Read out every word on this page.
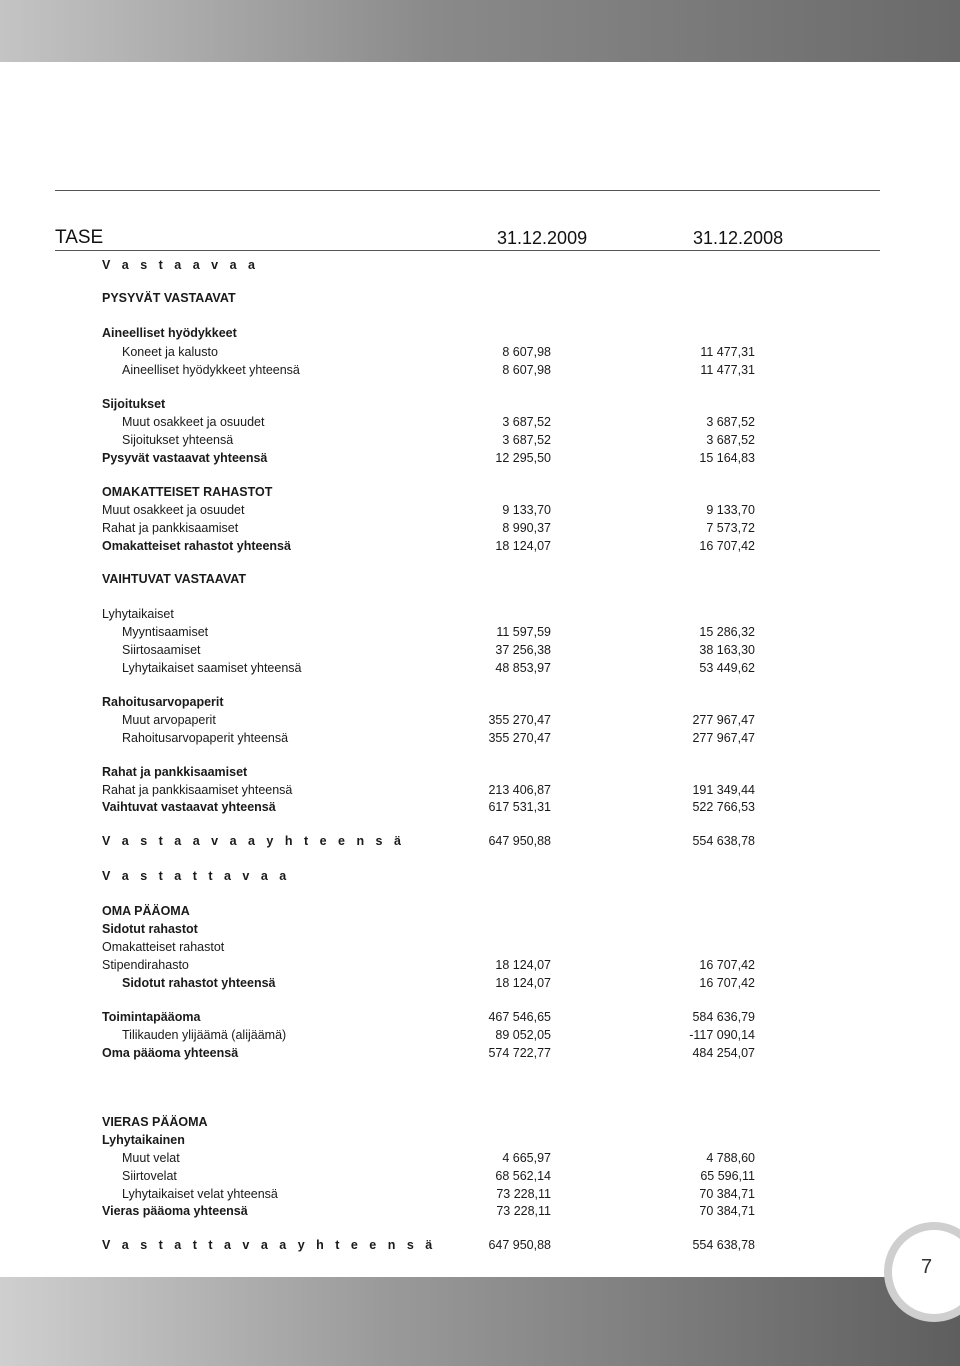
TASE	31.12.2009	31.12.2008
V a s t a a v a a
PYSYVÄT VASTAAVAT
Aineelliset hyödykkeet
Koneet ja kalusto	8 607,98	11 477,31
Aineelliset hyödykkeet yhteensä	8 607,98	11 477,31
Sijoitukset
Muut osakkeet ja osuudet	3 687,52	3 687,52
Sijoitukset yhteensä	3 687,52	3 687,52
Pysyvät vastaavat yhteensä	12 295,50	15 164,83
OMAKATTEISET RAHASTOT
Muut osakkeet ja osuudet	9 133,70	9 133,70
Rahat ja pankkisaamiset	8 990,37	7 573,72
Omakatteiset rahastot yhteensä	18 124,07	16 707,42
VAIHTUVAT VASTAAVAT
Lyhytaikaiset
Myyntisaamiset	11 597,59	15 286,32
Siirtosaamiset	37 256,38	38 163,30
Lyhytaikaiset saamiset yhteensä	48 853,97	53 449,62
Rahoitusarvopaperit
Muut arvopaperit	355 270,47	277 967,47
Rahoitusarvopaperit yhteensä	355 270,47	277 967,47
Rahat ja pankkisaamiset
Rahat ja pankkisaamiset yhteensä	213 406,87	191 349,44
Vaihtuvat vastaavat yhteensä	617 531,31	522 766,53
V a s t a a v a a y h t e e n s ä	647 950,88	554 638,78
V a s t a t t a v a a
OMA PÄÄOMA
Sidotut rahastot
Omakatteiset rahastot
Stipendirahasto	18 124,07	16 707,42
Sidotut rahastot yhteensä	18 124,07	16 707,42
Toimintapääoma	467 546,65	584 636,79
Tilikauden ylijäämä (alijäämä)	89 052,05	-117 090,14
Oma pääoma yhteensä	574 722,77	484 254,07
VIERAS PÄÄOMA
Lyhytaikainen
Muut velat	4 665,97	4 788,60
Siirtovelat	68 562,14	65 596,11
Lyhytaikaiset velat yhteensä	73 228,11	70 384,71
Vieras pääoma yhteensä	73 228,11	70 384,71
V a s t a t t a v a a y h t e e n s ä	647 950,88	554 638,78
7
